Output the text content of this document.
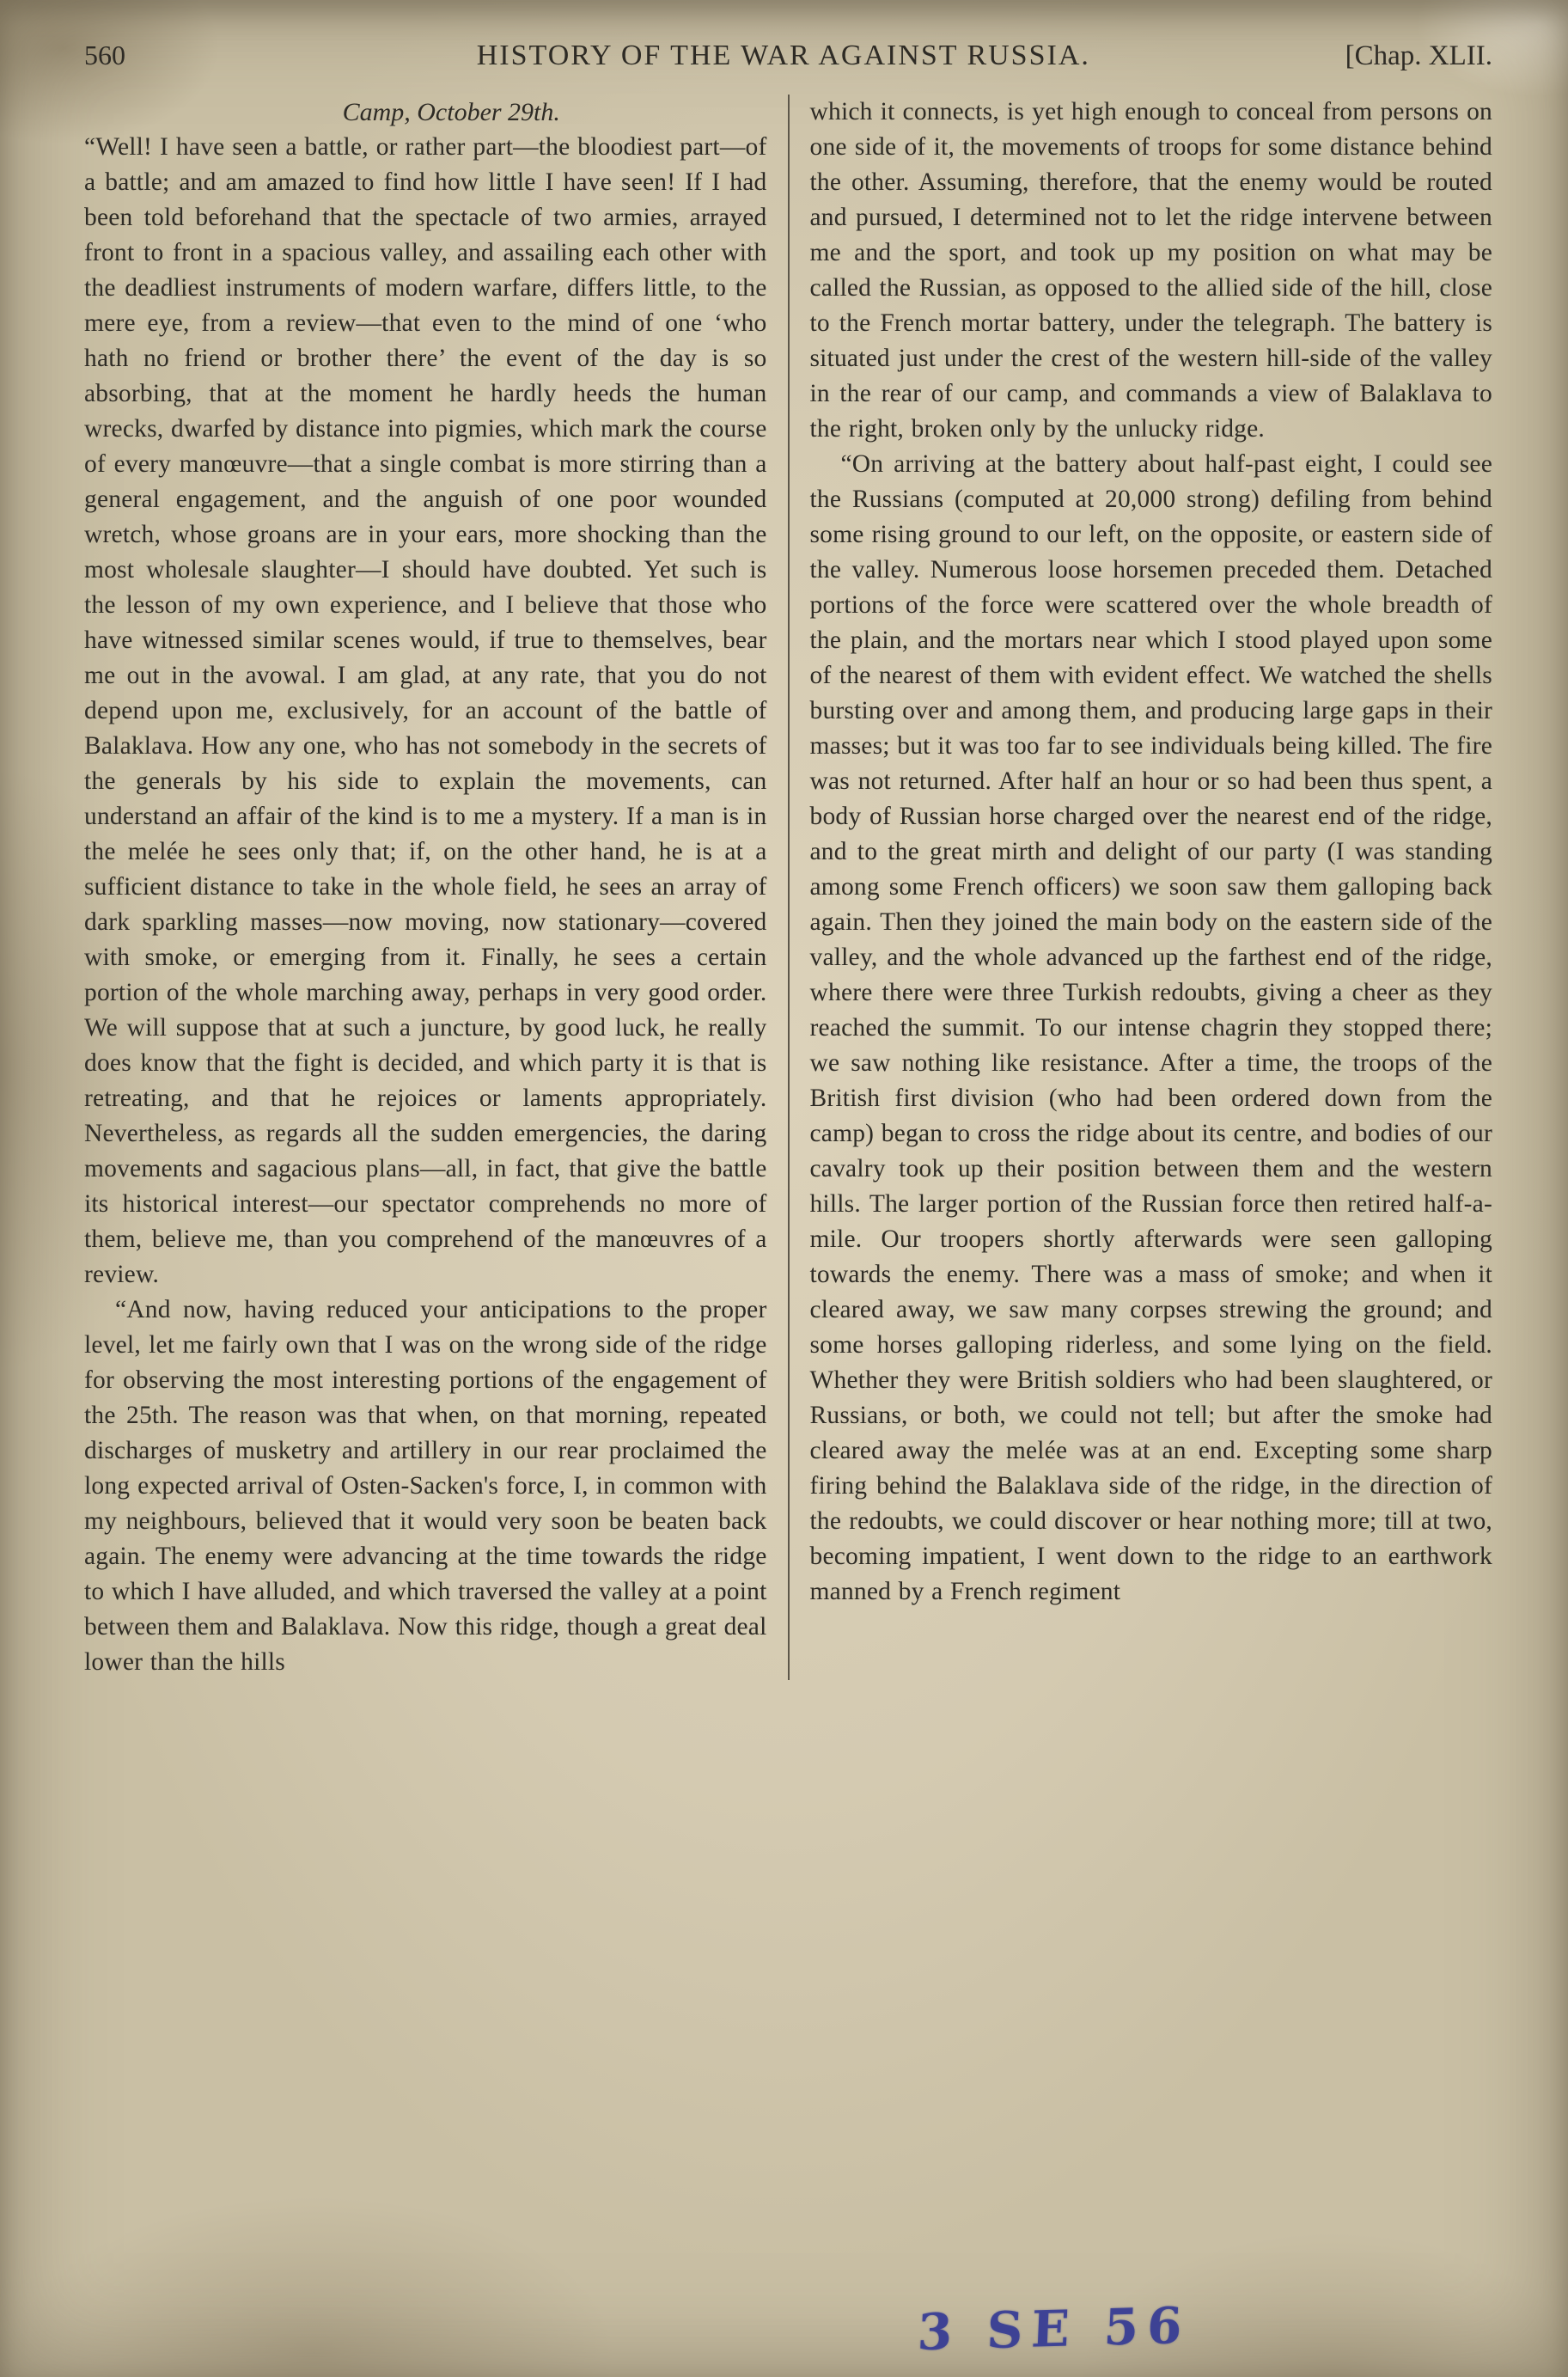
560	HISTORY OF THE WAR AGAINST RUSSIA.	[Chap. XLII.
Camp, October 29th.

“Well! I have seen a battle, or rather part—the bloodiest part—of a battle; and am amazed to find how little I have seen! If I had been told beforehand that the spectacle of two armies, arrayed front to front in a spacious valley, and assailing each other with the deadliest instruments of modern warfare, differs little, to the mere eye, from a review—that even to the mind of one ‘who hath no friend or brother there’ the event of the day is so absorbing, that at the moment he hardly heeds the human wrecks, dwarfed by distance into pigmies, which mark the course of every manœuvre—that a single combat is more stirring than a general engagement, and the anguish of one poor wounded wretch, whose groans are in your ears, more shocking than the most wholesale slaughter—I should have doubted. Yet such is the lesson of my own experience, and I believe that those who have witnessed similar scenes would, if true to themselves, bear me out in the avowal. I am glad, at any rate, that you do not depend upon me, exclusively, for an account of the battle of Balaklava. How any one, who has not somebody in the secrets of the generals by his side to explain the movements, can understand an affair of the kind is to me a mystery. If a man is in the melée he sees only that; if, on the other hand, he is at a sufficient distance to take in the whole field, he sees an array of dark sparkling masses—now moving, now stationary—covered with smoke, or emerging from it. Finally, he sees a certain portion of the whole marching away, perhaps in very good order. We will suppose that at such a juncture, by good luck, he really does know that the fight is decided, and which party it is that is retreating, and that he rejoices or laments appropriately. Nevertheless, as regards all the sudden emergencies, the daring movements and sagacious plans—all, in fact, that give the battle its historical interest—our spectator comprehends no more of them, believe me, than you comprehend of the manœuvres of a review.

“And now, having reduced your anticipations to the proper level, let me fairly own that I was on the wrong side of the ridge for observing the most interesting portions of the engagement of the 25th. The reason was that when, on that morning, repeated discharges of musketry and artillery in our rear proclaimed the long expected arrival of Osten-Sacken's force, I, in common with my neighbours, believed that it would very soon be beaten back again. The enemy were advancing at the time towards the ridge to which I have alluded, and which traversed the valley at a point between them and Balaklava. Now this ridge, though a great deal lower than the hills

which it connects, is yet high enough to conceal from persons on one side of it, the movements of troops for some distance behind the other. Assuming, therefore, that the enemy would be routed and pursued, I determined not to let the ridge intervene between me and the sport, and took up my position on what may be called the Russian, as opposed to the allied side of the hill, close to the French mortar battery, under the telegraph. The battery is situated just under the crest of the western hill-side of the valley in the rear of our camp, and commands a view of Balaklava to the right, broken only by the unlucky ridge.

“On arriving at the battery about half-past eight, I could see the Russians (computed at 20,000 strong) defiling from behind some rising ground to our left, on the opposite, or eastern side of the valley. Numerous loose horsemen preceded them. Detached portions of the force were scattered over the whole breadth of the plain, and the mortars near which I stood played upon some of the nearest of them with evident effect. We watched the shells bursting over and among them, and producing large gaps in their masses; but it was too far to see individuals being killed. The fire was not returned. After half an hour or so had been thus spent, a body of Russian horse charged over the nearest end of the ridge, and to the great mirth and delight of our party (I was standing among some French officers) we soon saw them galloping back again. Then they joined the main body on the eastern side of the valley, and the whole advanced up the farthest end of the ridge, where there were three Turkish redoubts, giving a cheer as they reached the summit. To our intense chagrin they stopped there; we saw nothing like resistance. After a time, the troops of the British first division (who had been ordered down from the camp) began to cross the ridge about its centre, and bodies of our cavalry took up their position between them and the western hills. The larger portion of the Russian force then retired half-a-mile. Our troopers shortly afterwards were seen galloping towards the enemy. There was a mass of smoke; and when it cleared away, we saw many corpses strewing the ground; and some horses galloping riderless, and some lying on the field. Whether they were British soldiers who had been slaughtered, or Russians, or both, we could not tell; but after the smoke had cleared away the melée was at an end. Excepting some sharp firing behind the Balaklava side of the ridge, in the direction of the redoubts, we could discover or hear nothing more; till at two, becoming impatient, I went down to the ridge to an earthwork manned by a French regiment

3 SE 56
